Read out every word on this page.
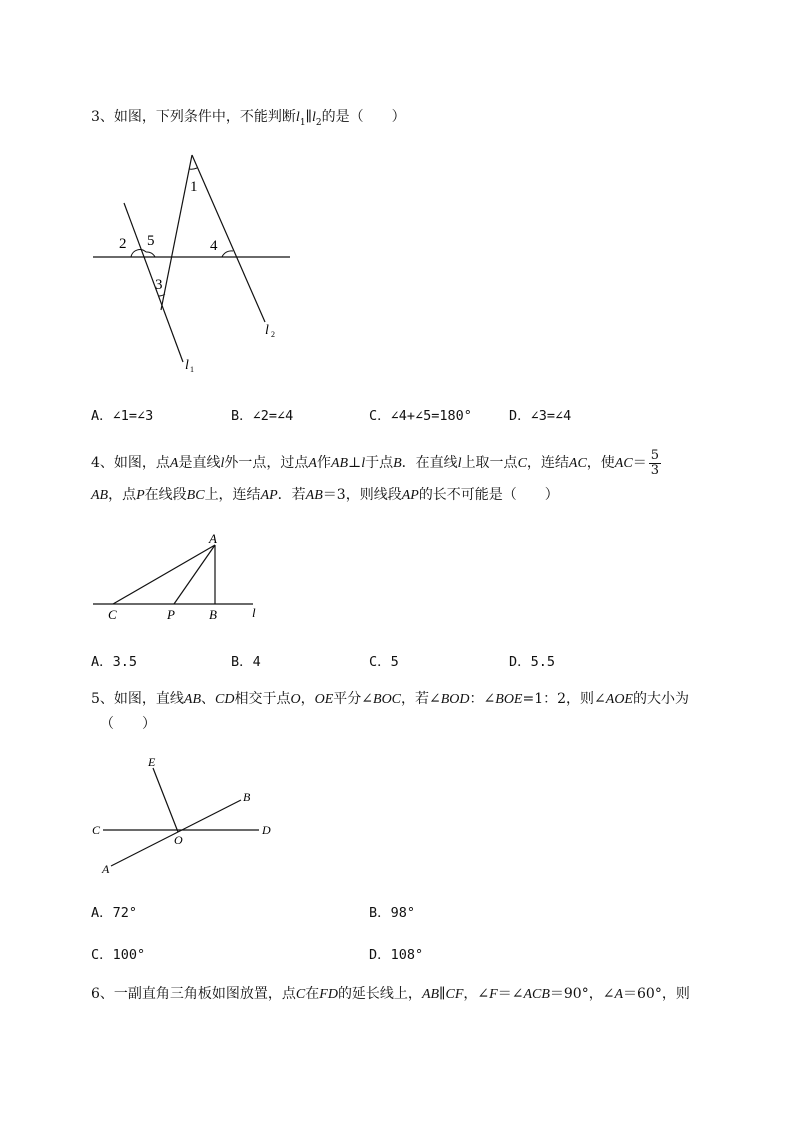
3、如图，下列条件中，不能判断$l_1\parallel l_2$的是（　　）
1
2 5	4
3
l 1
l 2
A．∠1=∠3	B．∠2=∠4	C．∠4+∠5=180°	D．∠3=∠4
4、如图，点A是直线l外一点，过点A作AB⊥l于点B．在直线l上取一点C，连结AC，使$AC= \frac{5}{3}$
AB，点P在线段BC上，连结AP．若AB＝3，则线段AP的长不可能是（　　）
A
C	P	B	l
A．3.5	B．4	C．5	D．5.5
5、如图，直线AB、CD相交于点O，OE平分∠BOC，若∠BOD：∠BOE=1：2，则∠AOE的大小为
（　　）
E
B
C
O
D
A
A．72°	B．98°
C．100°	D．108°
6、一副直角三角板如图放置，点C在FD的延长线上，AB∥CF，∠F＝∠ACB＝90°，∠A＝60°，则
